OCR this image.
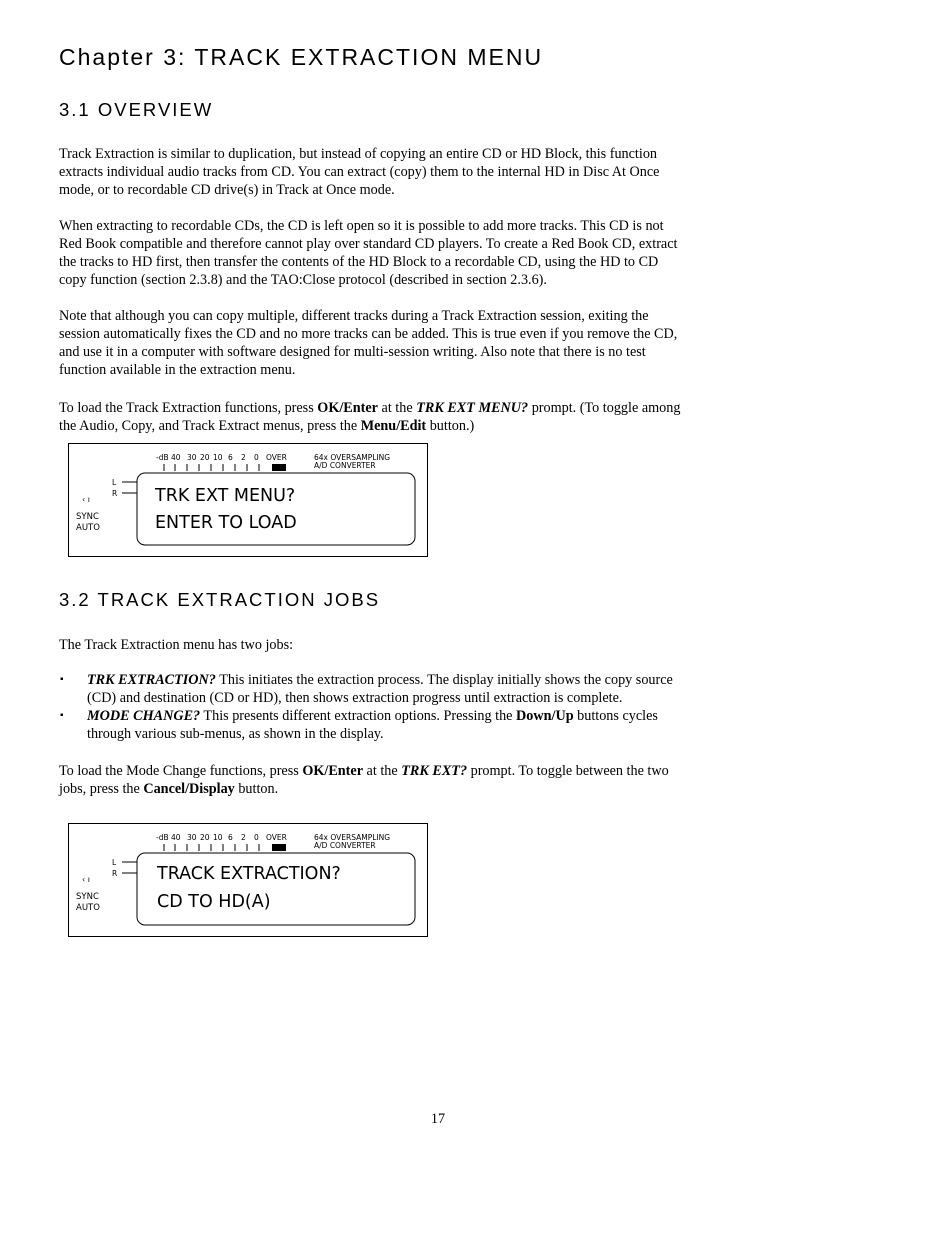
Chapter 3: TRACK EXTRACTION MENU
3.1 OVERVIEW

Track Extraction is similar to duplication, but instead of copying an entire CD or HD Block, this function extracts individual audio tracks from CD. You can extract (copy) them to the internal HD in Disc At Once mode, or to recordable CD drive(s) in Track at Once mode.

When extracting to recordable CDs, the CD is left open so it is possible to add more tracks. This CD is not Red Book compatible and therefore cannot play over standard CD players. To create a Red Book CD, extract the tracks to HD first, then transfer the contents of the HD Block to a recordable CD, using the HD to CD copy function (section 2.3.8) and the TAO:Close protocol (described in section 2.3.6).

Note that although you can copy multiple, different tracks during a Track Extraction session, exiting the session automatically fixes the CD and no more tracks can be added. This is true even if you remove the CD, and use it in a computer with software designed for multi-session writing. Also note that there is no test function available in the extraction menu.

To load the Track Extraction functions, press OK/Enter at the TRK EXT MENU? prompt. (To toggle among the Audio, Copy, and Track Extract menus, press the Menu/Edit button.)

-dB 40 30 20 10 6 2 0 OVER	64x OVERSAMPLING
A/D CONVERTER
L
R
SYNC
AUTO
‹ ı	TRK EXT MENU?
ENTER TO LOAD
3.2 TRACK EXTRACTION JOBS

The Track Extraction menu has two jobs:

▪ TRK EXTRACTION? This initiates the extraction process. The display initially shows the copy source (CD) and destination (CD or HD), then shows extraction progress until extraction is complete.
▪ MODE CHANGE? This presents different extraction options. Pressing the Down/Up buttons cycles through various sub-menus, as shown in the display.

To load the Mode Change functions, press OK/Enter at the TRK EXT? prompt. To toggle between the two jobs, press the Cancel/Display button.

-dB 40 30 20 10 6 2 0 OVER	64x OVERSAMPLING
A/D CONVERTER
L
R
SYNC
AUTO
‹ ı	TRACK EXTRACTION?
CD TO HD(A)
17
